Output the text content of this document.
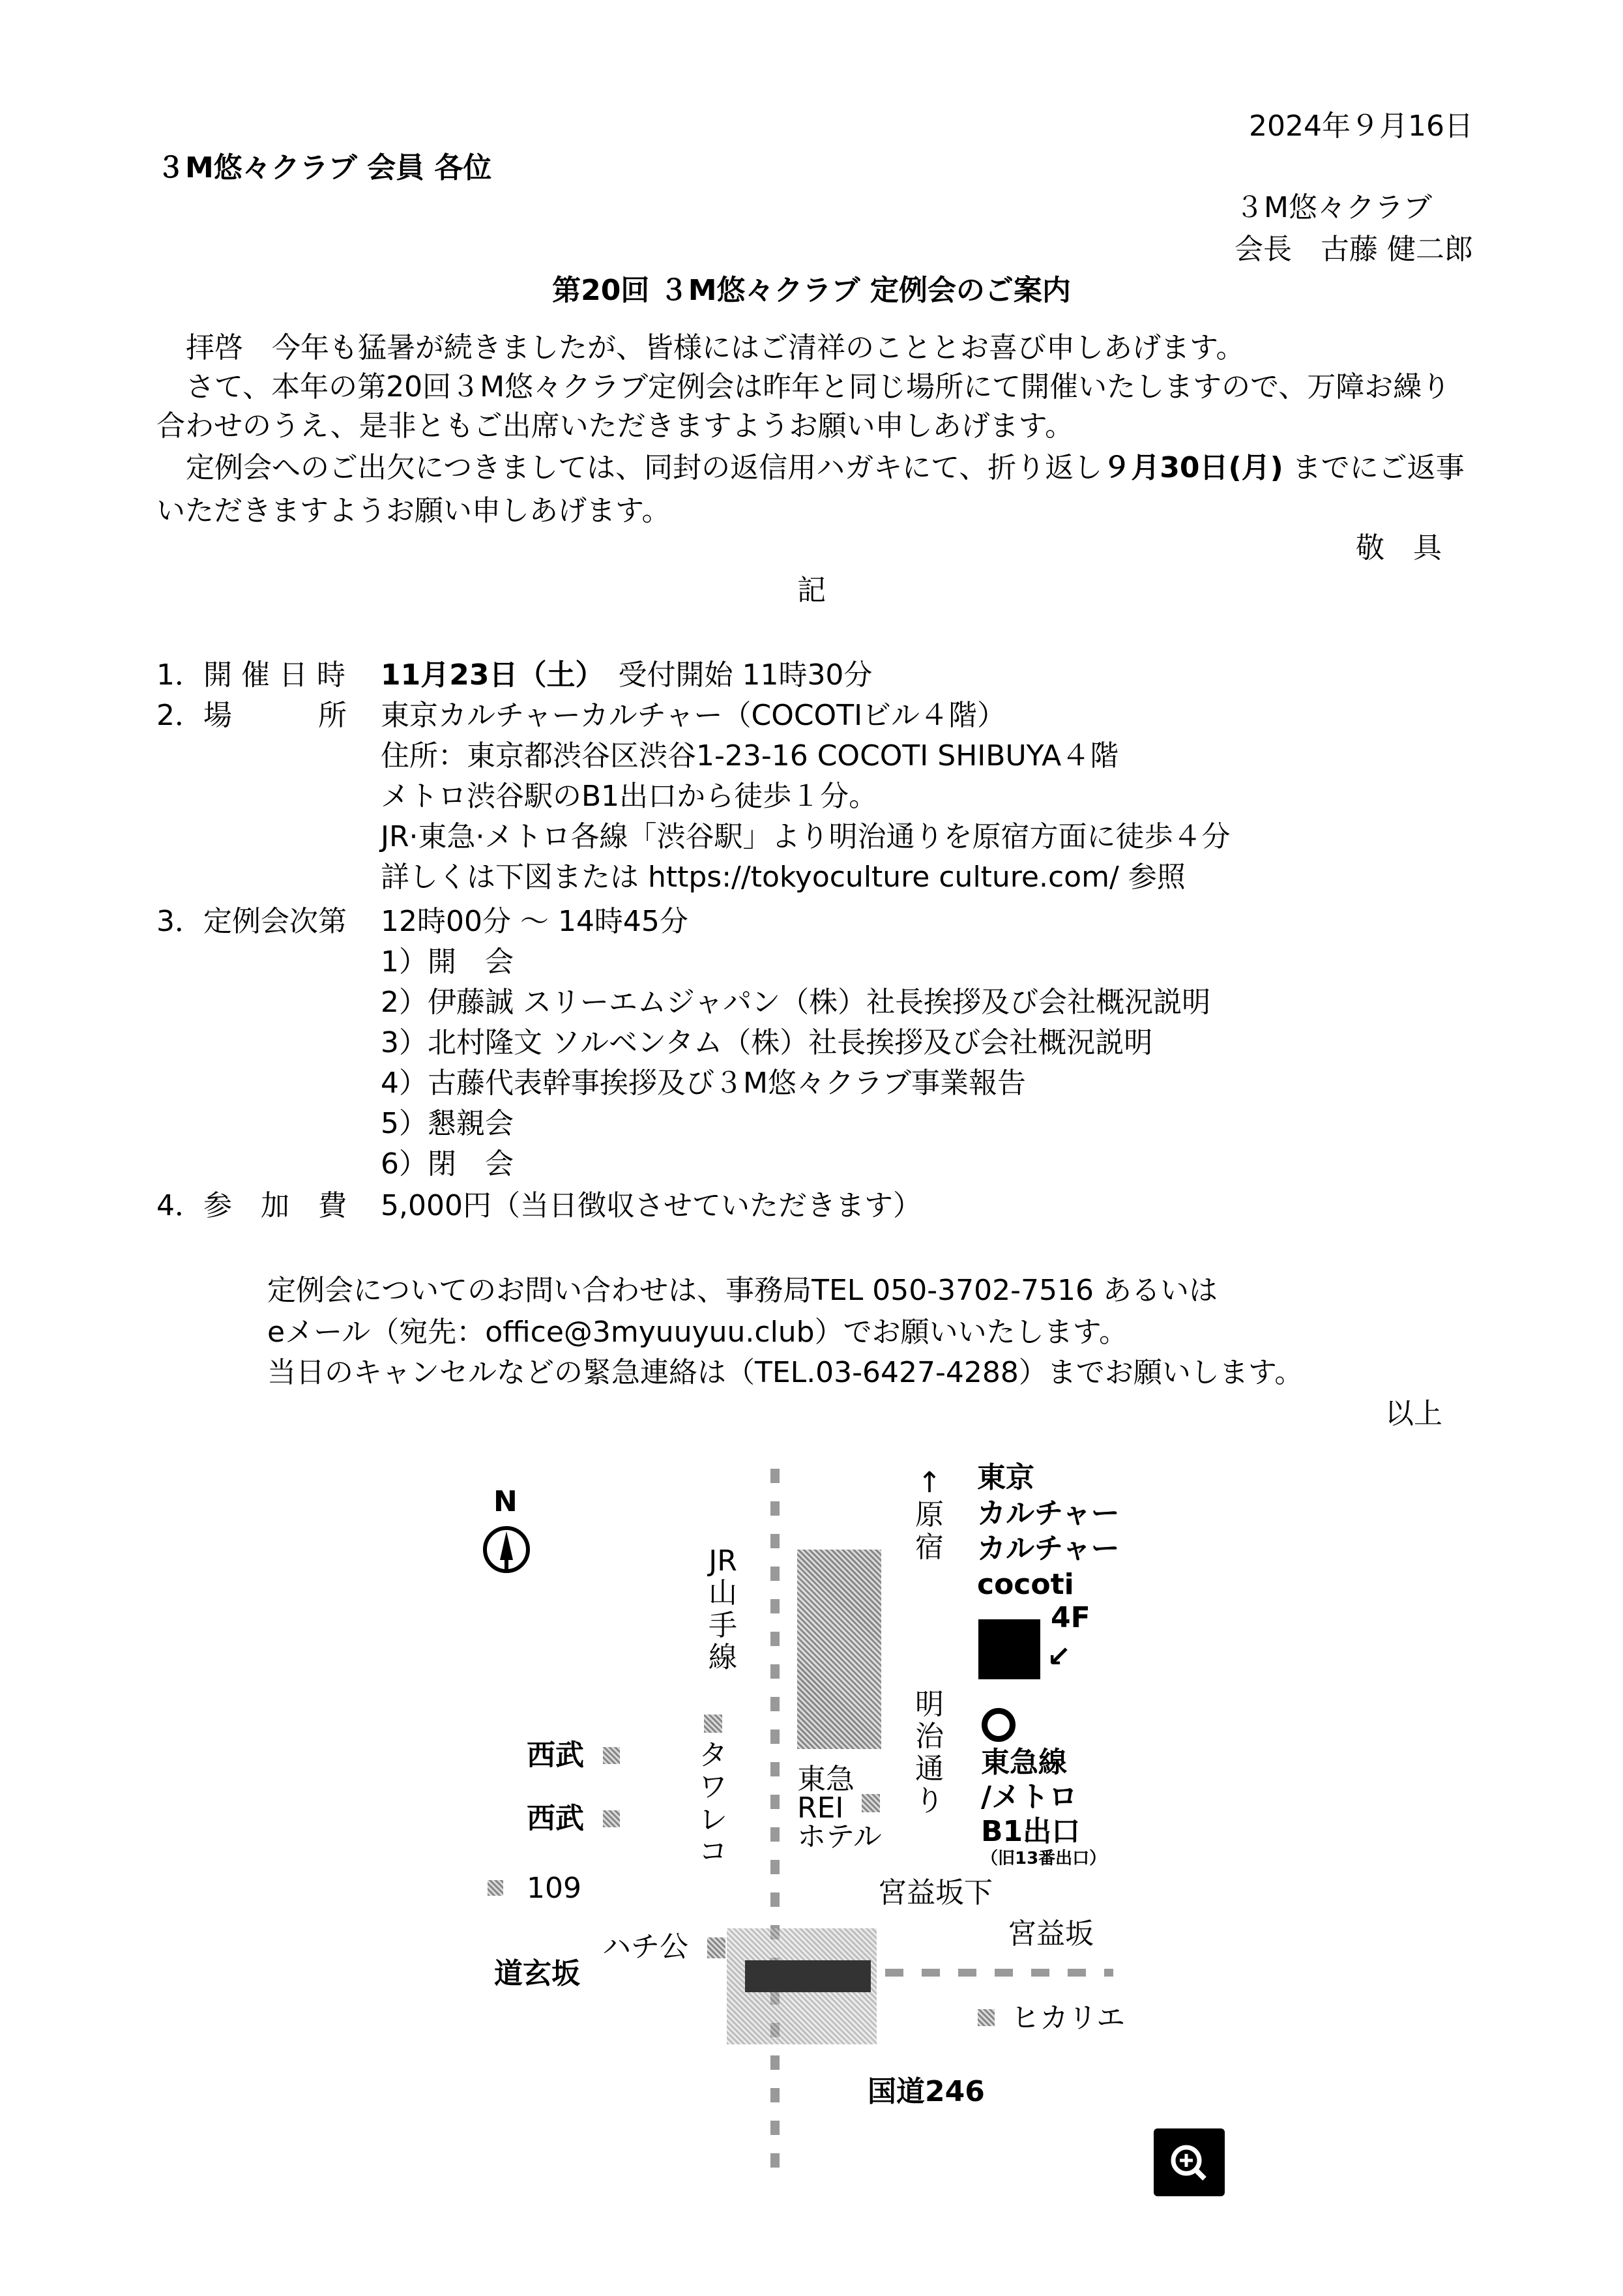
2024年９月16日
３M悠々クラブ 会員 各位
３M悠々クラブ
会長　古藤 健二郎
第20回 ３M悠々クラブ 定例会のご案内
拝啓　今年も猛暑が続きましたが、皆様にはご清祥のこととお喜び申しあげます。
さて、本年の第20回３M悠々クラブ定例会は昨年と同じ場所にて開催いたしますので、万障お繰り
合わせのうえ、是非ともご出席いただきますようお願い申しあげます。
定例会へのご出欠につきましては、同封の返信用ハガキにて、折り返し９月30日(月) までにご返事
いただきますようお願い申しあげます。
敬　具
記
1．開 催 日 時 11月23日（土）　 受付開始 11時30分
2．場　　　所 東京カルチャーカルチャー（COCOTIビル４階）
住所：東京都渋谷区渋谷1-23-16 COCOTI SHIBUYA４階
メトロ渋谷駅のB1出口から徒歩１分。
JR·東急·メトロ各線「渋谷駅」より明治通りを原宿方面に徒歩４分
詳しくは下図または https://tokyoculture culture.com/ 参照
3．定例会次第 12時00分 ～ 14時45分
1）開　会
2）伊藤誠 スリーエムジャパン（株）社長挨拶及び会社概況説明
3）北村隆文 ソルベンタム（株）社長挨拶及び会社概況説明
4）古藤代表幹事挨拶及び３M悠々クラブ事業報告
5）懇親会
6）閉　会
4．参　加　費 5,000円（当日徴収させていただきます）
定例会についてのお問い合わせは、事務局TEL 050-3702-7516 あるいは
eメール（宛先：office@3myuuyuu.club）でお願いいたします。
当日のキャンセルなどの緊急連絡は（TEL.03-6427-4288）までお願いします。
以上
N
JR山手線
↑原宿
東京
カルチャー
カルチャー
cocoti
4F
↙
明治通り
東急線
/メトロ
B1出口
（旧13番出口）
西武
西武
タワレコ
東急
REI
ホテル
109	宮益坂下
宮益坂
ハチ公
道玄坂
ヒカリエ
国道246
